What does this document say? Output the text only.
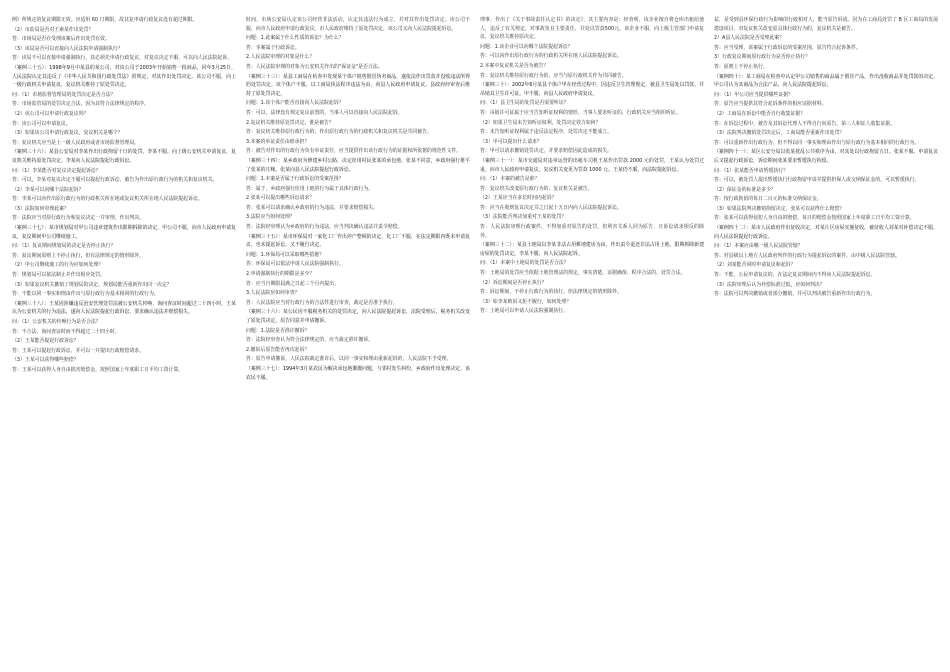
例》所规定的复议期限无效。应适用 60 日期限，故其复申请行政复议没有超过期限。

（2）市监局是否对王素某作出处罚？

答：市场局是否在受理该案后作出处罚有效。

（3）该局是否可以直接向人民法院申请强制执行？

答：该局不可以直接申请强制执行，其必须先申请行政复议，对复议决定不服，可以向人民法院起诉。

（案例三十五）：1998年9月中某县的某公司，对该公司于2003年开始销售一批商品，同年3月25日，人民法院认定其违反了《中华人民共和国行政处罚法》的规定，对其作出处罚决定。该公司不服，向上一级行政机关申请复议，复议机关维持了原处罚决定。

问：（1）市场监督管理局的处罚决定是否合法？

答：市场监管局的处罚决定合法，因为其符合法律规定的程序。

（2）该公司可以申请行政复议吗？

答：该公司可以申请复议。

（3）如果该公司申请行政复议，复议机关是哪个？

答：复议机关应当是上一级人民政府或者市场监督管理局。

（案例三十六）：某县公安局对李某作出行政拘留十日的处罚，李某不服，向上级公安机关申请复议，复议机关维持原处罚决定。李某向人民法院提起行政诉讼。

问：（1）李某能否对复议决定提起诉讼？

答：可以，李某对复议决定不服可以提起行政诉讼，被告为作出原行政行为的机关和复议机关。

（2）李某可以向哪个法院起诉？

答：李某可以向作出原行政行为的行政机关所在地或复议机关所在地人民法院提起诉讼。

（3）法院如何审理此案？

答：法院应当对原行政行为和复议决定一并审理，作出判决。

（案例三十七）：某市规划局对甲公司违章建筑作出限期拆除的决定，甲公司不服，向市人民政府申请复议，复议期间甲公司继续施工。

问：（1）复议期间规划局的决定是否停止执行？

答：复议期间原则上不停止执行，但有法律规定的情形除外。

（2）甲公司继续施工的行为应如何处理？

答：规划局可以依法制止并作出相应处罚。

（3）如果复议机关撤销了规划局的决定，规划局能否重新作出同一决定？

答：不能以同一事实和理由作出与原行政行为基本相同的行政行为。

（案例三十八）：王某因涉嫌违反治安管理处罚法被公安机关传唤，询问查证时间超过二十四小时，王某认为公安机关的行为违法，遂向人民法院提起行政诉讼，要求确认违法并赔偿损失。

问：（1）公安机关的传唤行为是否合法？

答：不合法，询问查证时间不得超过二十四小时。

（2）王某能否提起行政诉讼？

答：王某可以提起行政诉讼，并可以一并提出行政赔偿请求。

（3）王某可以获得哪些赔偿？

答：王某可以获得人身自由损害赔偿金，按照国家上年度职工日平均工资计算。

时间，市场公安局认定该公司经营非法活动，认定其违法行为成立，并对其作出处罚决定。该公司不服，向市人民政府申请行政复议。市人民政府维持了原处罚决定，该公司又向人民法院提起诉讼。

问题：1.此案属于什么性质的诉讼？为什么？

答：本案属于行政诉讼。

2.人民法院审理的对象是什么？

答：人民法院审理的对象为公安机关作出的"保证金"是否合法。

（案例三十三）：某县工商局在检查中发现某个体户销售假冒伪劣商品，遂依法作出罚款并没收违法所得的处罚决定。该个体户不服，以工商局执法程序违法为由，向县人民政府申请复议。县政府经审查后维持了原处罚决定。

问题：1.该个体户能否直接向人民法院起诉？

答：可以，法律没有规定复议前置的，当事人可以直接向人民法院起诉。

2.复议机关维持原处罚决定，谁是被告？

答：复议机关维持原行政行为的，作出原行政行为的行政机关和复议机关是共同被告。

3.本案的举证责任由谁承担？

答：被告对作出的行政行为负有举证责任，应当提供作出该行政行为的证据和所依据的规范性文件。

（案例三十四）：某乡政府为修建乡村公路，决定征用村民张某的承包地，张某不同意，乡政府强行推平了张某的庄稼。张某向县人民法院提起行政诉讼。

问题：1.本案是否属于行政诉讼的受案范围？

答：属于，乡政府强行征用土地的行为属于具体行政行为。

2.张某可以提出哪些诉讼请求？

答：张某可以请求确认乡政府的行为违法，并要求赔偿损失。

3.法院应当如何处理？

答：法院经审理认为乡政府的行为违法，应当判决确认违法并责令赔偿。

（案例三十五）：某市环保局对一家化工厂作出停产整顿的决定，化工厂不服，在法定期限内既未申请复议，也未提起诉讼，又不履行决定。

问题：1.环保局可以采取哪些措施？

答：环保局可以依法申请人民法院强制执行。

2.申请强制执行的期限是多少？

答：应当自期限届满之日起三个月内提出。

3.人民法院应如何审查？

答：人民法院应当对行政行为的合法性进行审查，裁定是否准予执行。

（案例三十六）：某公民因不服税务机关的处罚决定，向人民法院提起诉讼，法院受理后，税务机关改变了原处罚决定，原告同意并申请撤诉。

问题：1.法院是否准许撤诉？

答：法院经审查认为符合法律规定的，应当裁定准许撤诉。

2.撤诉后原告能否再次起诉？

答：原告申请撤诉，人民法院裁定准许后，以同一事实和理由重新起诉的，人民法院不予受理。

（案例三十七）：1994年3月某农民为解决承包地灌溉问题，与邻村发生纠纷，乡政府作出处理决定，该农民不服。

理事，作出了《关于事故责任认定书》的决定》，其主要内容是：经查明，该企业擅自将仓库出租给他人，违反了有关规定，对事故负有主要责任，并处以罚款500元。该企业不服，向上级主管部门申请复议，复议机关维持原决定。

问题：1.该企业可以向哪个法院提起诉讼？

答：可以向作出原行政行为的行政机关所在地人民法院提起诉讼。

2.本案中复议机关是否为被告？

答：复议机关维持原行政行为的，应当与原行政机关作为共同被告。

（案例三十）：2002年6月某县个体户甲在经营过程中，因违反卫生管理规定，被县卫生局处以罚款，并吊销其卫生许可证。甲不服，向县人民政府申请复议。

问：（1）县卫生局的处罚是否需要听证？

答：吊销许可证属于应当告知听证权利的情形，当事人要求听证的，行政机关应当组织听证。

（2）如果卫生局未告知听证权利，处罚决定效力如何？

答：未告知听证权利属于违反法定程序，处罚决定不能成立。

（3）甲可以提出什么请求？

答：甲可以请求撤销处罚决定，并要求赔偿因此造成的损失。

（案例三十一）：某市交通局对违章运营的出租车司机王某作出罚款 2000 元的处罚，王某认为处罚过重，向市人民政府申请复议。复议机关变更为罚款 1000 元。王某仍不服，向法院提起诉讼。

问：（1）本案的被告是谁？

答：复议机关改变原行政行为的，复议机关是被告。

（2）王某应当在多长时间内起诉？

答：应当在收到复议决定书之日起十五日内向人民法院提起诉讼。

（3）法院能否判决加重对王某的处罚？

答：人民法院审理行政案件，不得加重对原告的处罚，但利害关系人同为原告，且诉讼请求相反的除外。

（案例三十二）：某县土地局以李某非法占用耕地建房为由，作出责令退还非法占用土地、限期拆除新建房屋的处罚决定。李某不服，向人民法院起诉。

问：（1）本案中土地局的处罚是否合法？

答：土地局的处罚应当依据土地管理法的规定，事实清楚、证据确凿、程序合法的，处罚合法。

（2）诉讼期间是否停止执行？

答：诉讼期间，不停止行政行为的执行，但法律规定的情形除外。

（3）如李某败诉又拒不履行，如何处理？

答：土地局可以申请人民法院强制执行。

益，是受到县环保行政行为影响的行政相对人，能当原告诉请。因为在工商局处罚了 B 区工商局的发展建设项目，对复议机关改变原具体行政行为的，复议机关是被告。

2）A县人民法院是否受理此案？

答：应当受理，该案属于行政诉讼的受案范围，原告符合起诉条件。

3）行政复议期间原行政行为是否停止执行？

答：原则上不停止执行。

（案例四十）：某工商局在检查中认定甲公司销售的商品属于假冒产品，作出没收商品并处罚款的决定。甲公司认为其商品为合法产品，向人民法院提起诉讼。

问：（1）甲公司应当提供哪些证据？

答：原告应当提供其符合起诉条件的相应证据材料。

（2）工商局在诉讼中能否自行收集证据？

答：在诉讼过程中，被告及其诉讼代理人不得自行向原告、第三人和证人收集证据。

（3）法院判决撤销处罚决定后，工商局能否重新作出处罚？

答：可以重新作出行政行为，但不得以同一事实和理由作出与原行政行为基本相同的行政行为。

（案例四十一）：某区公安分局以张某扰乱公共秩序为由，对其处以行政拘留五日。张某不服，申请复议后又提起行政诉讼，诉讼期间张某要求暂缓执行拘留。

问：（1）张某能否申请暂缓执行？

答：可以，被处罚人提出暂缓执行行政拘留申请并提供担保人或交纳保证金的，可以暂缓执行。

（2）保证金的标准是多少？

答：按行政拘留的每日二百元的标准交纳保证金。

（3）如果法院判决撤销拘留决定，张某可以获得什么赔偿？

答：张某可以获得侵犯人身自由的赔偿，每日的赔偿金按照国家上年度职工日平均工资计算。

（案例四十二）：某市人民政府作出征收决定，对某片区房屋实施征收，被征收人刘某对补偿决定不服，向人民法院提起行政诉讼。

问：（1）本案应由哪一级人民法院管辖？

答：对县级以上地方人民政府所作的行政行为提起诉讼的案件，由中级人民法院管辖。

（2）刘某能否同时申请复议和起诉？

答：不能，公民申请复议的，在法定复议期间内不得向人民法院提起诉讼。

（3）法院审理后认为补偿标准过低，应如何判决？

答：法院可以判决撤销或者部分撤销，并可以判决被告重新作出行政行为。
